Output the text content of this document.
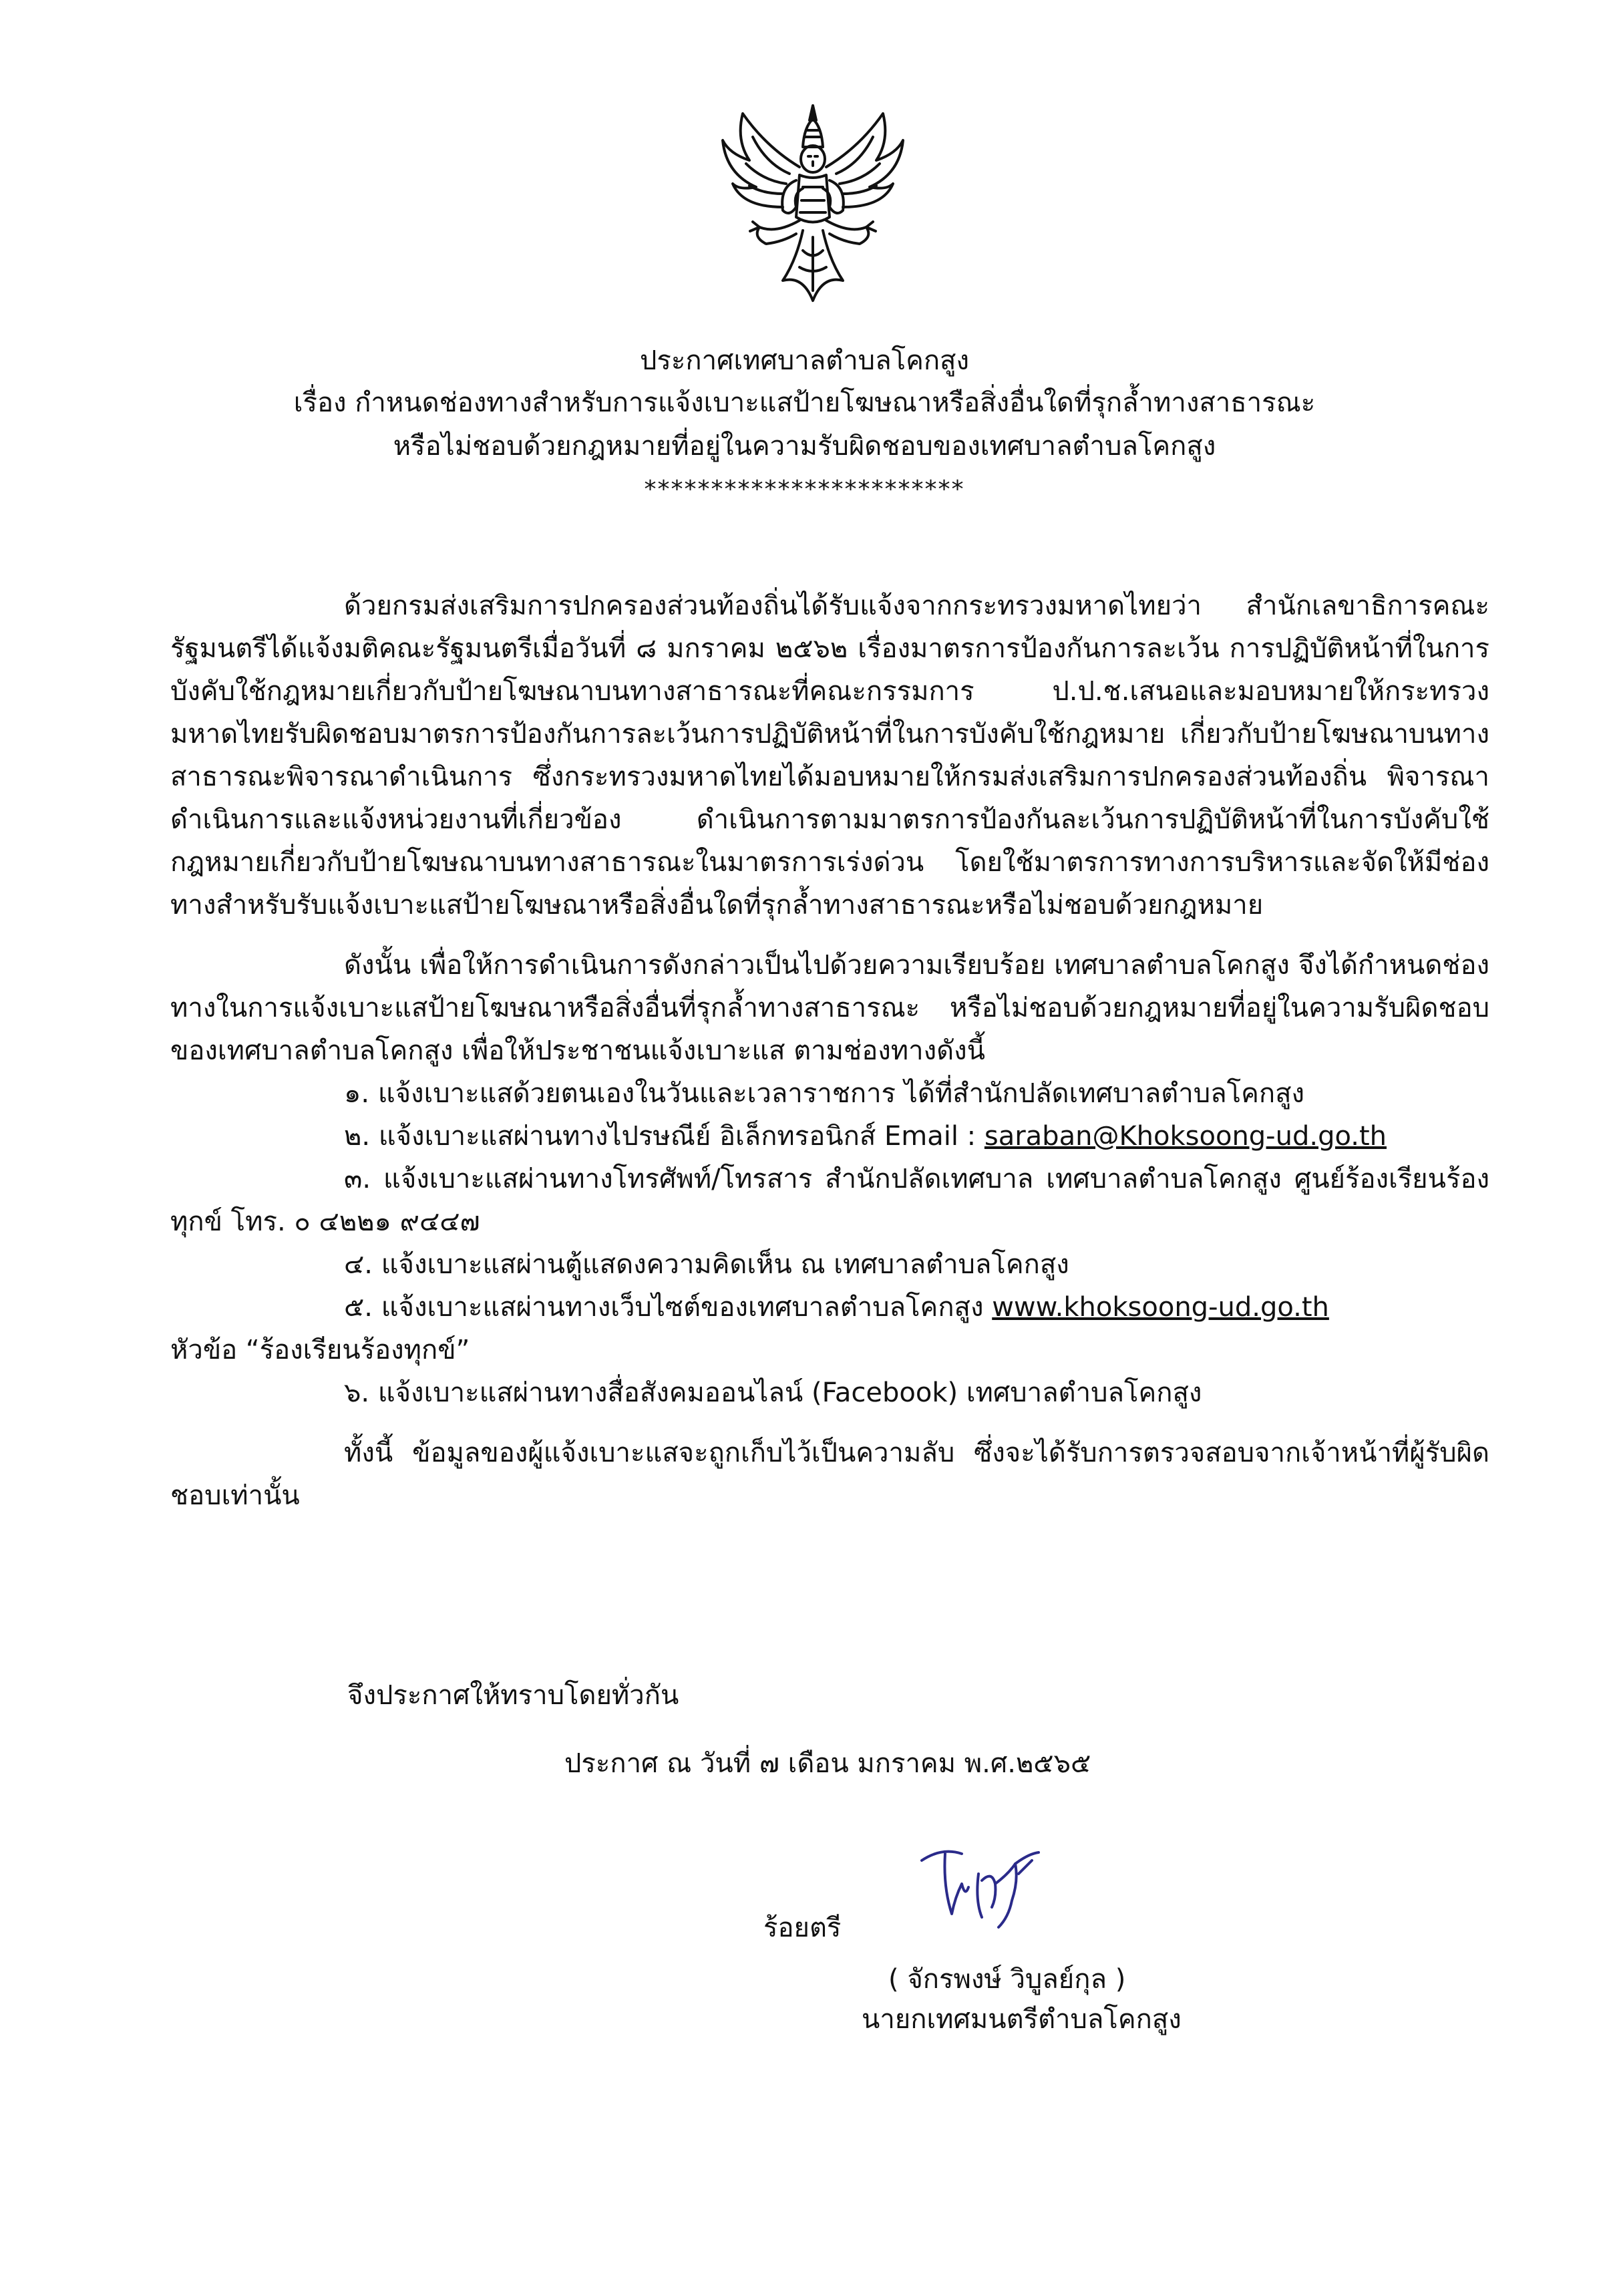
ประกาศเทศบาลตำบลโคกสูง
เรื่อง กำหนดช่องทางสำหรับการแจ้งเบาะแสป้ายโฆษณาหรือสิ่งอื่นใดที่รุกล้ำทางสาธารณะ
หรือไม่ชอบด้วยกฎหมายที่อยู่ในความรับผิดชอบของเทศบาลตำบลโคกสูง
************************

ด้วยกรมส่งเสริมการปกครองส่วนท้องถิ่นได้รับแจ้งจากกระทรวงมหาดไทยว่า สำนักเลขาธิการคณะรัฐมนตรีได้แจ้งมติคณะรัฐมนตรีเมื่อวันที่ ๘ มกราคม ๒๕๖๒ เรื่องมาตรการป้องกันการละเว้น การปฏิบัติหน้าที่ในการบังคับใช้กฎหมายเกี่ยวกับป้ายโฆษณาบนทางสาธารณะที่คณะกรรมการ ป.ป.ช.เสนอและมอบหมายให้กระทรวงมหาดไทยรับผิดชอบมาตรการป้องกันการละเว้นการปฏิบัติหน้าที่ในการบังคับใช้กฎหมาย เกี่ยวกับป้ายโฆษณาบนทางสาธารณะพิจารณาดำเนินการ ซึ่งกระทรวงมหาดไทยได้มอบหมายให้กรมส่งเสริมการปกครองส่วนท้องถิ่น พิจารณาดำเนินการและแจ้งหน่วยงานที่เกี่ยวข้อง ดำเนินการตามมาตรการป้องกันละเว้นการปฏิบัติหน้าที่ในการบังคับใช้กฎหมายเกี่ยวกับป้ายโฆษณาบนทางสาธารณะในมาตรการเร่งด่วน โดยใช้มาตรการทางการบริหารและจัดให้มีช่องทางสำหรับรับแจ้งเบาะแสป้ายโฆษณาหรือสิ่งอื่นใดที่รุกล้ำทางสาธารณะหรือไม่ชอบด้วยกฎหมาย

ดังนั้น เพื่อให้การดำเนินการดังกล่าวเป็นไปด้วยความเรียบร้อย เทศบาลตำบลโคกสูง จึงได้กำหนดช่องทางในการแจ้งเบาะแสป้ายโฆษณาหรือสิ่งอื่นที่รุกล้ำทางสาธารณะ หรือไม่ชอบด้วยกฎหมายที่อยู่ในความรับผิดชอบของเทศบาลตำบลโคกสูง เพื่อให้ประชาชนแจ้งเบาะแส ตามช่องทางดังนี้

๑. แจ้งเบาะแสด้วยตนเองในวันและเวลาราชการ ได้ที่สำนักปลัดเทศบาลตำบลโคกสูง

๒. แจ้งเบาะแสผ่านทางไปรษณีย์ อิเล็กทรอนิกส์ Email : saraban@Khoksoong-ud.go.th

๓. แจ้งเบาะแสผ่านทางโทรศัพท์/โทรสาร สำนักปลัดเทศบาล เทศบาลตำบลโคกสูง ศูนย์ร้องเรียนร้องทุกข์ โทร. ๐ ๔๒๒๑ ๙๔๔๗

๔. แจ้งเบาะแสผ่านตู้แสดงความคิดเห็น ณ เทศบาลตำบลโคกสูง

๕. แจ้งเบาะแสผ่านทางเว็บไซต์ของเทศบาลตำบลโคกสูง www.khoksoong-ud.go.th

หัวข้อ “ร้องเรียนร้องทุกข์”

๖. แจ้งเบาะแสผ่านทางสื่อสังคมออนไลน์ (Facebook) เทศบาลตำบลโคกสูง

ทั้งนี้ ข้อมูลของผู้แจ้งเบาะแสจะถูกเก็บไว้เป็นความลับ ซึ่งจะได้รับการตรวจสอบจากเจ้าหน้าที่ผู้รับผิดชอบเท่านั้น

จึงประกาศให้ทราบโดยทั่วกัน
ประกาศ ณ วันที่ ๗ เดือน มกราคม พ.ศ.๒๕๖๕
ร้อยตรี
( จักรพงษ์ วิบูลย์กุล )
นายกเทศมนตรีตำบลโคกสูง
